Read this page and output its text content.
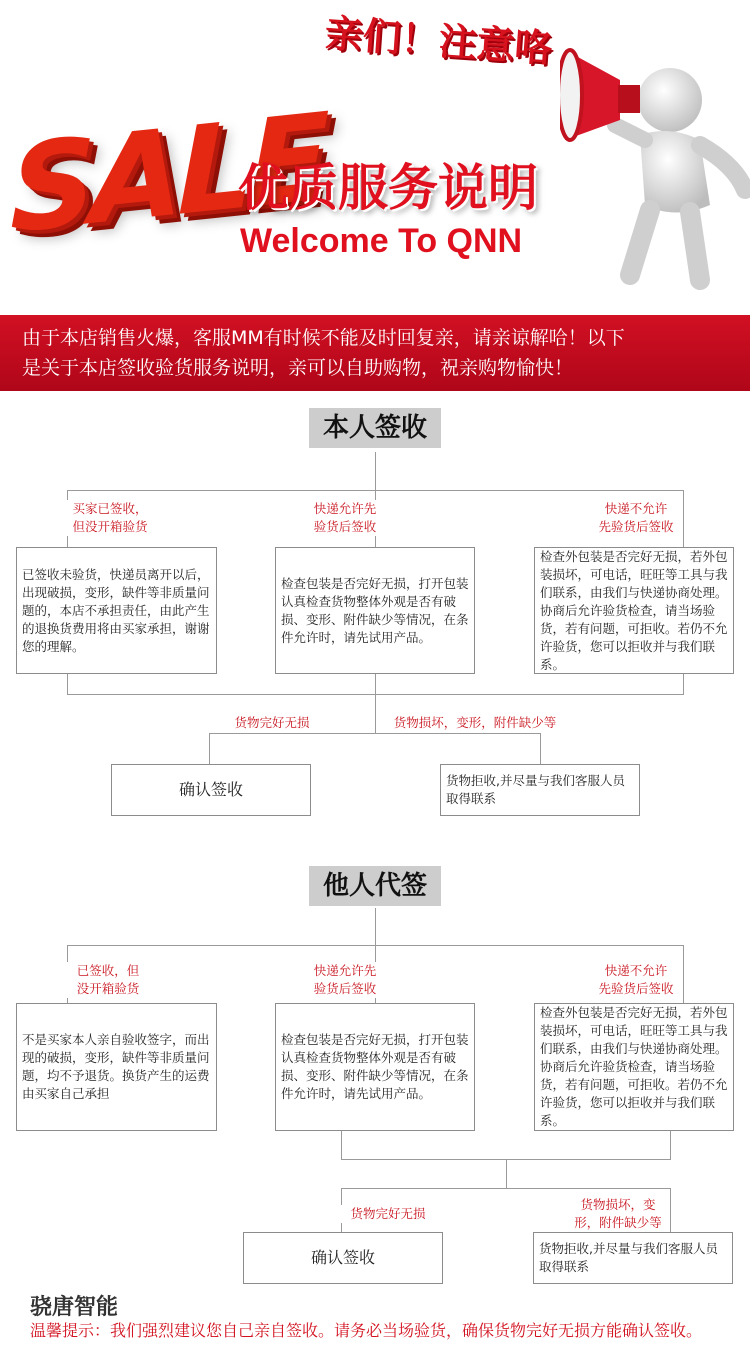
SALE
亲们！注意咯
优质服务说明
Welcome To QNN
由于本店销售火爆，客服MM有时候不能及时回复亲，请亲谅解哈！以下
是关于本店签收验货服务说明，亲可以自助购物，祝亲购物愉快！
本人签收
买家已签收，
但没开箱验货
快递允许先
验货后签收
快递不允许
先验货后签收
已签收未验货，快递员离开以后，出现破损，变形，缺件等非质量问题的，本店不承担责任，由此产生的退换货费用将由买家承担，谢谢您的理解。
检查包装是否完好无损，打开包装认真检查货物整体外观是否有破损、变形、附件缺少等情况，在条件允许时，请先试用产品。
检查外包装是否完好无损，若外包装损坏，可电话，旺旺等工具与我们联系，由我们与快递协商处理。协商后允许验货检查，请当场验货，若有问题，可拒收。若仍不允许验货，您可以拒收并与我们联系。
货物完好无损	货物损坏，变形，附件缺少等
确认签收	货物拒收,并尽量与我们客服人员取得联系
他人代签
已签收，但
没开箱验货
快递允许先
验货后签收
快递不允许
先验货后签收
不是买家本人亲自验收签字，而出现的破损，变形，缺件等非质量问题，均不予退货。换货产生的运费由买家自己承担
检查包装是否完好无损，打开包装认真检查货物整体外观是否有破损、变形、附件缺少等情况，在条件允许时，请先试用产品。
检查外包装是否完好无损，若外包装损坏，可电话，旺旺等工具与我们联系，由我们与快递协商处理。协商后允许验货检查，请当场验货，若有问题，可拒收。若仍不允许验货，您可以拒收并与我们联系。
货物完好无损
货物损坏，变
形，附件缺少等
确认签收	货物拒收,并尽量与我们客服人员取得联系
骁唐智能
温馨提示：我们强烈建议您自己亲自签收。请务必当场验货，确保货物完好无损方能确认签收。
